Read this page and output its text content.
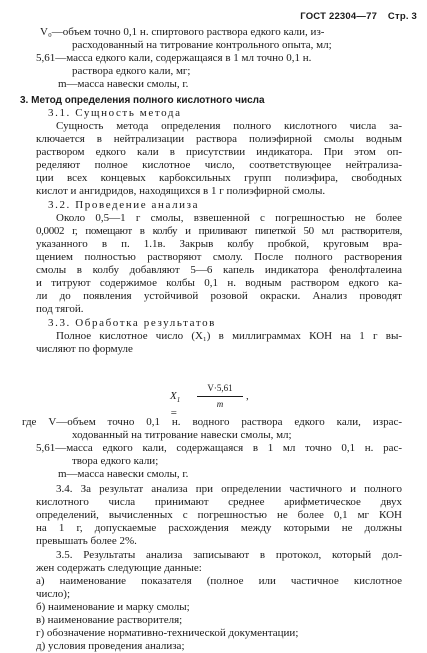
ГОСТ 22304—77 Стр. 3
V₀—объем точно 0,1 н. спиртового раствора едкого кали, из-
расходованный на титрование контрольного опыта, мл;
5,61—масса едкого кали, содержащаяся в 1 мл точно 0,1 н.
раствора едкого кали, мг;
m—масса навески смолы, г.
3. Метод определения полного кислотного числа
3.1. Сущность метода
Сущность метода определения полного кислотного числа за-
ключается в нейтрализации раствора полиэфирной смолы водным
раствором едкого кали в присутствии индикатора. При этом оп-
ределяют полное кислотное число, соответствующее нейтрализа-
ции всех концевых карбоксильных групп полиэфира, свободных
кислот и ангидридов, находящихся в 1 г полиэфирной смолы.
3.2. Проведение анализа
Около 0,5—1 г смолы, взвешенной с погрешностью не более
0,0002 г, помещают в колбу и приливают пипеткой 50 мл растворителя,
указанного в п. 1.1в. Закрыв колбу пробкой, круговым вра-
щением полностью растворяют смолу. После полного растворения
смолы в колбу добавляют 5—6 капель индикатора фенолфталеина
и титруют содержимое колбы 0,1 н. водным раствором едкого ка-
ли до появления устойчивой розовой окраски. Анализ проводят
под тягой.
3.3. Обработка результатов
Полное кислотное число (X₁) в миллиграммах КОН на 1 г вы-
числяют по формуле
$X_1$ =
V·5,61
m
,
где V—объем точно 0,1 н. водного раствора едкого кали, израс-
ходованный на титрование навески смолы, мл;
5,61—масса едкого кали, содержащаяся в 1 мл точно 0,1 н. рас-
твора едкого кали;
m—масса навески смолы, г.
3.4. За результат анализа при определении частичного и полного
кислотного числа принимают среднее арифметическое двух
определений, вычисленных с погрешностью не более 0,1 мг КОН
на 1 г, допускаемые расхождения между которыми не должны
превышать более 2%.
3.5. Результаты анализа записывают в протокол, который дол-
жен содержать следующие данные:
а) наименование показателя (полное или частичное кислотное
число);
б) наименование и марку смолы;
в) наименование растворителя;
г) обозначение нормативно-технической документации;
д) условия проведения анализа;
